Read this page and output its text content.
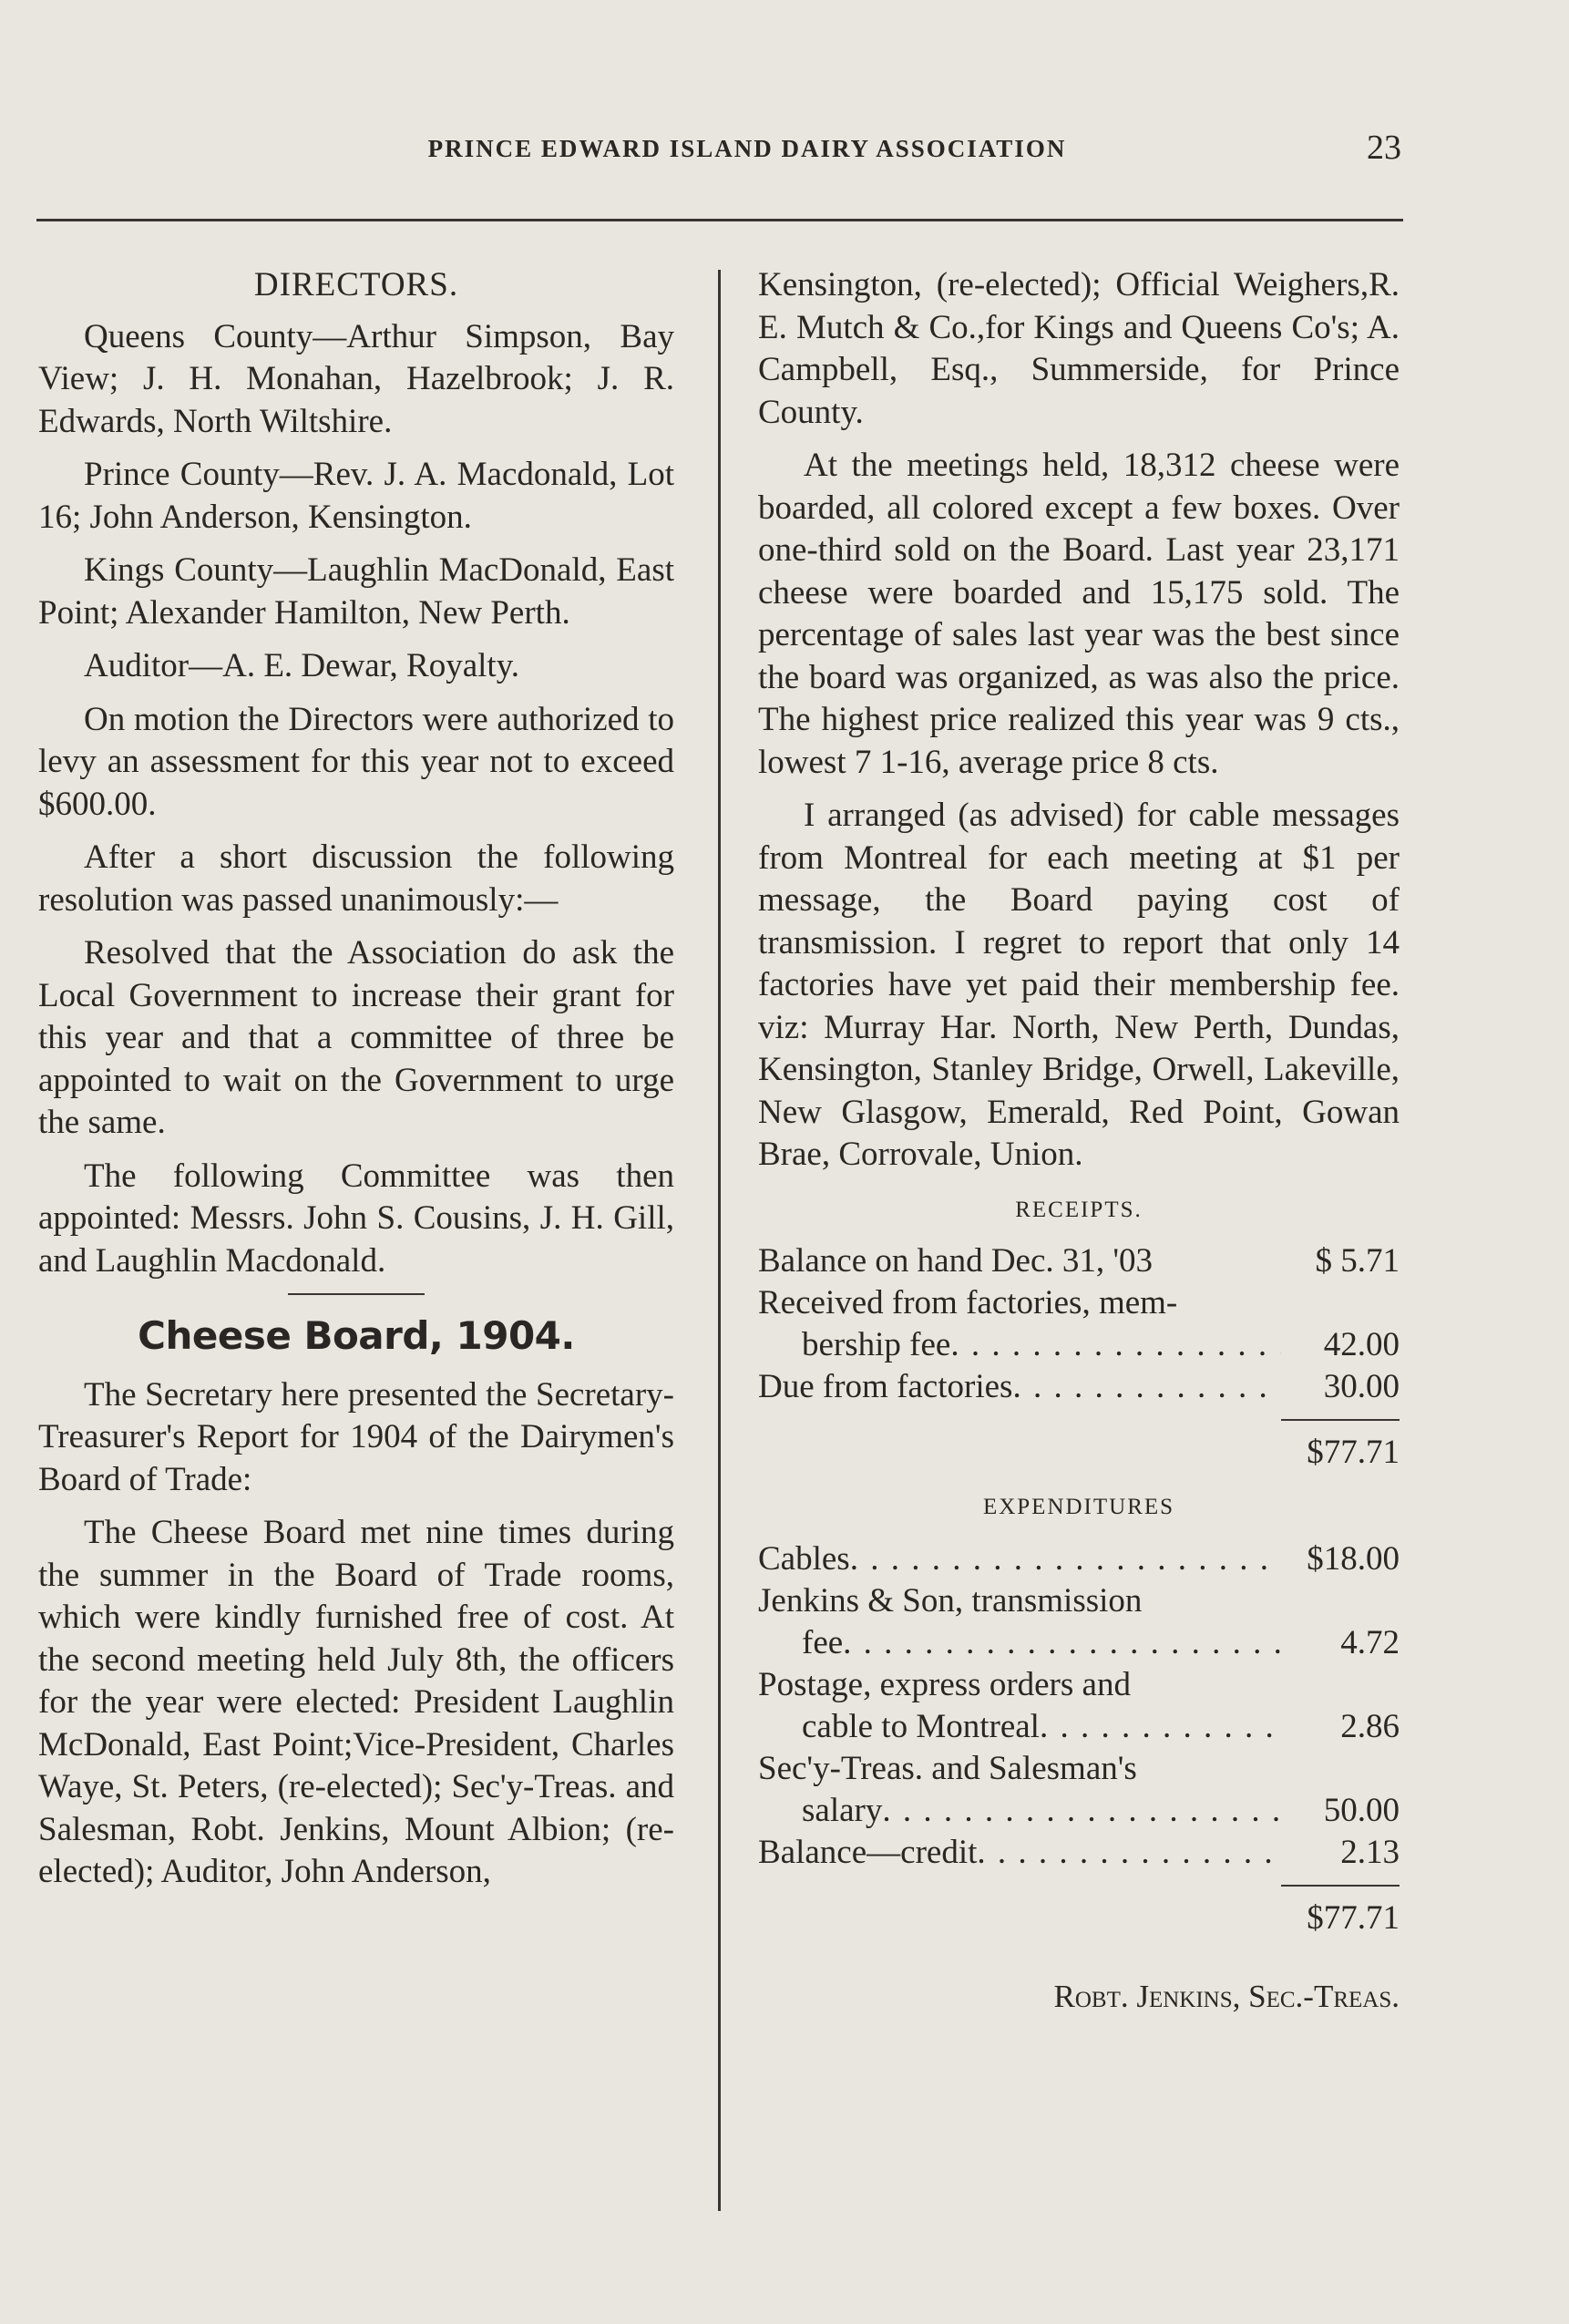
PRINCE EDWARD ISLAND DAIRY ASSOCIATION	23
DIRECTORS.

Queens County—Arthur Simpson, Bay View; J. H. Monahan, Hazelbrook; J. R. Edwards, North Wiltshire.

Prince County—Rev. J. A. Macdonald, Lot 16; John Anderson, Kensington.

Kings County—Laughlin MacDonald, East Point; Alexander Hamilton, New Perth.

Auditor—A. E. Dewar, Royalty.

On motion the Directors were authorized to levy an assessment for this year not to exceed $600.00.

After a short discussion the following resolution was passed unanimously:—

Resolved that the Association do ask the Local Government to increase their grant for this year and that a committee of three be appointed to wait on the Government to urge the same.

The following Committee was then appointed: Messrs. John S. Cousins, J. H. Gill, and Laughlin Macdonald.

Cheese Board, 1904.

The Secretary here presented the Secretary-Treasurer's Report for 1904 of the Dairymen's Board of Trade:

The Cheese Board met nine times during the summer in the Board of Trade rooms, which were kindly furnished free of cost. At the second meeting held July 8th, the officers for the year were elected: President Laughlin McDonald, East Point;Vice-President, Charles Waye, St. Peters, (re-elected); Sec'y-Treas. and Salesman, Robt. Jenkins, Mount Albion; (re-elected); Auditor, John Anderson,

Kensington, (re-elected); Official Weighers,R. E. Mutch & Co.,for Kings and Queens Co's; A. Campbell, Esq., Summerside, for Prince County.

At the meetings held, 18,312 cheese were boarded, all colored except a few boxes. Over one-third sold on the Board. Last year 23,171 cheese were boarded and 15,175 sold. The percentage of sales last year was the best since the board was organized, as was also the price. The highest price realized this year was 9 cts., lowest 7 1-16, average price 8 cts.

I arranged (as advised) for cable messages from Montreal for each meeting at $1 per message, the Board paying cost of transmission. I regret to report that only 14 factories have yet paid their membership fee. viz: Murray Har. North, New Perth, Dundas, Kensington, Stanley Bridge, Orwell, Lakeville, New Glasgow, Emerald, Red Point, Gowan Brae, Corrovale, Union.

RECEIPTS.
Balance on hand Dec. 31, '03	$ 5.71
Received from factories, mem-
bership fee . . .	42.00
Due from factories . . .	30.00
$77.71
EXPENDITURES
Cables . . .	$18.00
Jenkins & Son, transmission
fee . . .	4.72
Postage, express orders and
cable to Montreal . . .	2.86
Sec'y-Treas. and Salesman's
salary . . .	50.00
Balance—credit . . .	2.13
$77.71
Robt. Jenkins, Sec.-Treas.
